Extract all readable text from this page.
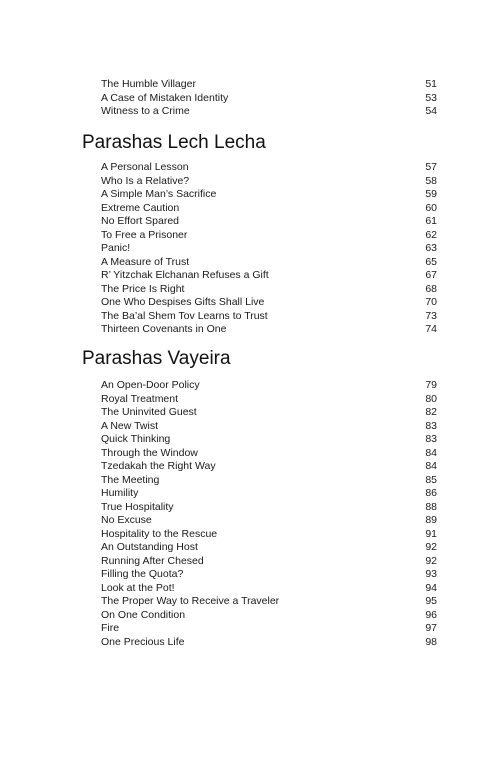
The Humble Villager	51
A Case of Mistaken Identity	53
Witness to a Crime	54
Parashas Lech Lecha
A Personal Lesson	57
Who Is a Relative?	58
A Simple Man’s Sacrifice	59
Extreme Caution	60
No Effort Spared	61
To Free a Prisoner	62
Panic!	63
A Measure of Trust	65
R’ Yitzchak Elchanan Refuses a Gift	67
The Price Is Right	68
One Who Despises Gifts Shall Live	70
The Ba’al Shem Tov Learns to Trust	73
Thirteen Covenants in One	74
Parashas Vayeira
An Open-Door Policy	79
Royal Treatment	80
The Uninvited Guest	82
A New Twist	83
Quick Thinking	83
Through the Window	84
Tzedakah the Right Way	84
The Meeting	85
Humility	86
True Hospitality	88
No Excuse	89
Hospitality to the Rescue	91
An Outstanding Host	92
Running After Chesed	92
Filling the Quota?	93
Look at the Pot!	94
The Proper Way to Receive a Traveler	95
On One Condition	96
Fire	97
One Precious Life	98
